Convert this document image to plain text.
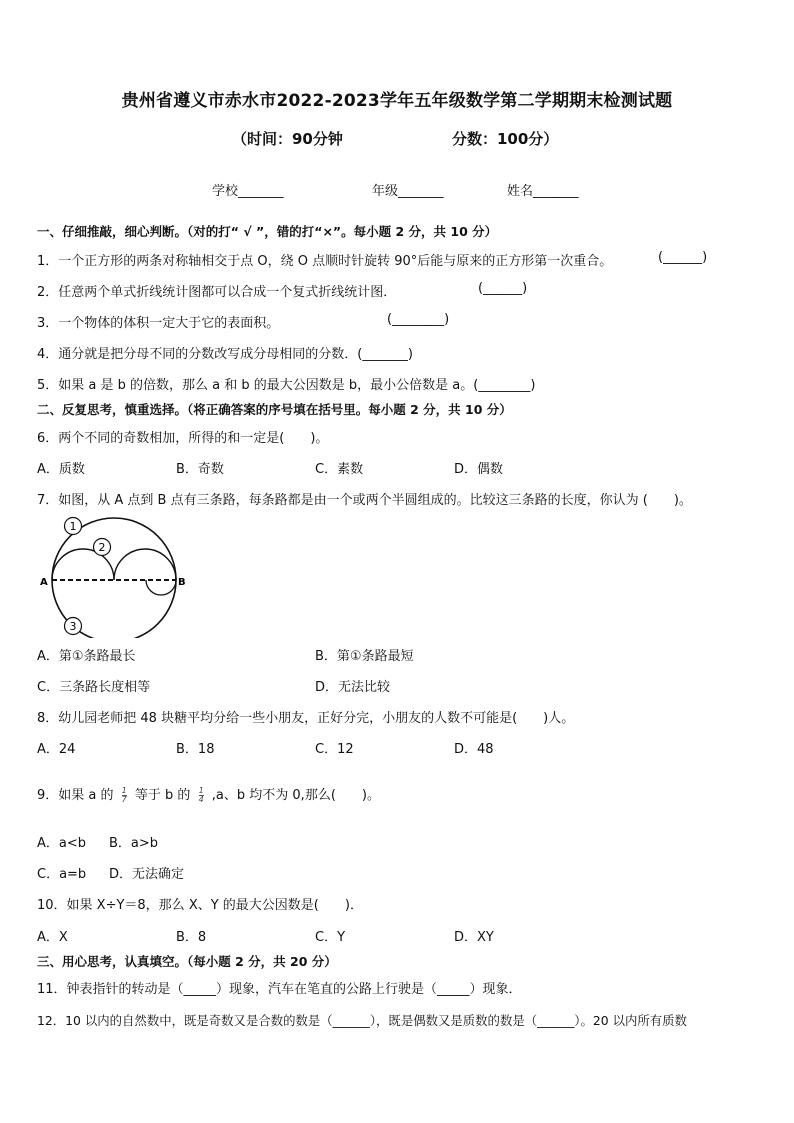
贵州省遵义市赤水市2022-2023学年五年级数学第二学期期末检测试题
（时间：90分钟	分数：100分）
学校_______	年级_______	姓名_______
一、仔细推敲，细心判断。（对的打“ √ ”，错的打“×”。每小题 2 分，共 10 分）
1．一个正方形的两条对称轴相交于点 O，绕 O 点顺时针旋转 90°后能与原来的正方形第一次重合。	(______)
2．任意两个单式折线统计图都可以合成一个复式折线统计图．	(______)
3．一个物体的体积一定大于它的表面积。	(________)
4．通分就是把分母不同的分数改写成分母相同的分数．(_______)
5．如果 a 是 b 的倍数，那么 a 和 b 的最大公因数是 b，最小公倍数是 a。(________)
二、反复思考，慎重选择。（将正确答案的序号填在括号里。每小题 2 分，共 10 分）
6．两个不同的奇数相加，所得的和一定是(　　)。
A．质数	B．奇数	C．素数	D．偶数
7．如图，从 A 点到 B 点有三条路，每条路都是由一个或两个半圆组成的。比较这三条路的长度，你认为 (　　)。
A	B
1
2
3
A．第①条路最长	B．第①条路最短
C．三条路长度相等	D．无法比较
8．幼儿园老师把 48 块糖平均分给一些小朋友，正好分完，小朋友的人数不可能是(　　)人。
A．24	B．18	C．12	D．48
9．如果 a 的 $\frac{1}{7}$ 等于 b 的 $\frac{1}{4} ,a$、b 均不为 0,那么(　　)。
A．a<b B．a>b
C．a=b D．无法确定
10．如果 X÷Y＝8，那么 X、Y 的最大公因数是(　　)．
A．X	B．8	C．Y	D．XY
三、用心思考，认真填空。（每小题 2 分，共 20 分）
11．钟表指针的转动是（_____）现象，汽车在笔直的公路上行驶是（_____）现象．
12．10 以内的自然数中，既是奇数又是合数的数是（______），既是偶数又是质数的数是（______）。20 以内所有质数
